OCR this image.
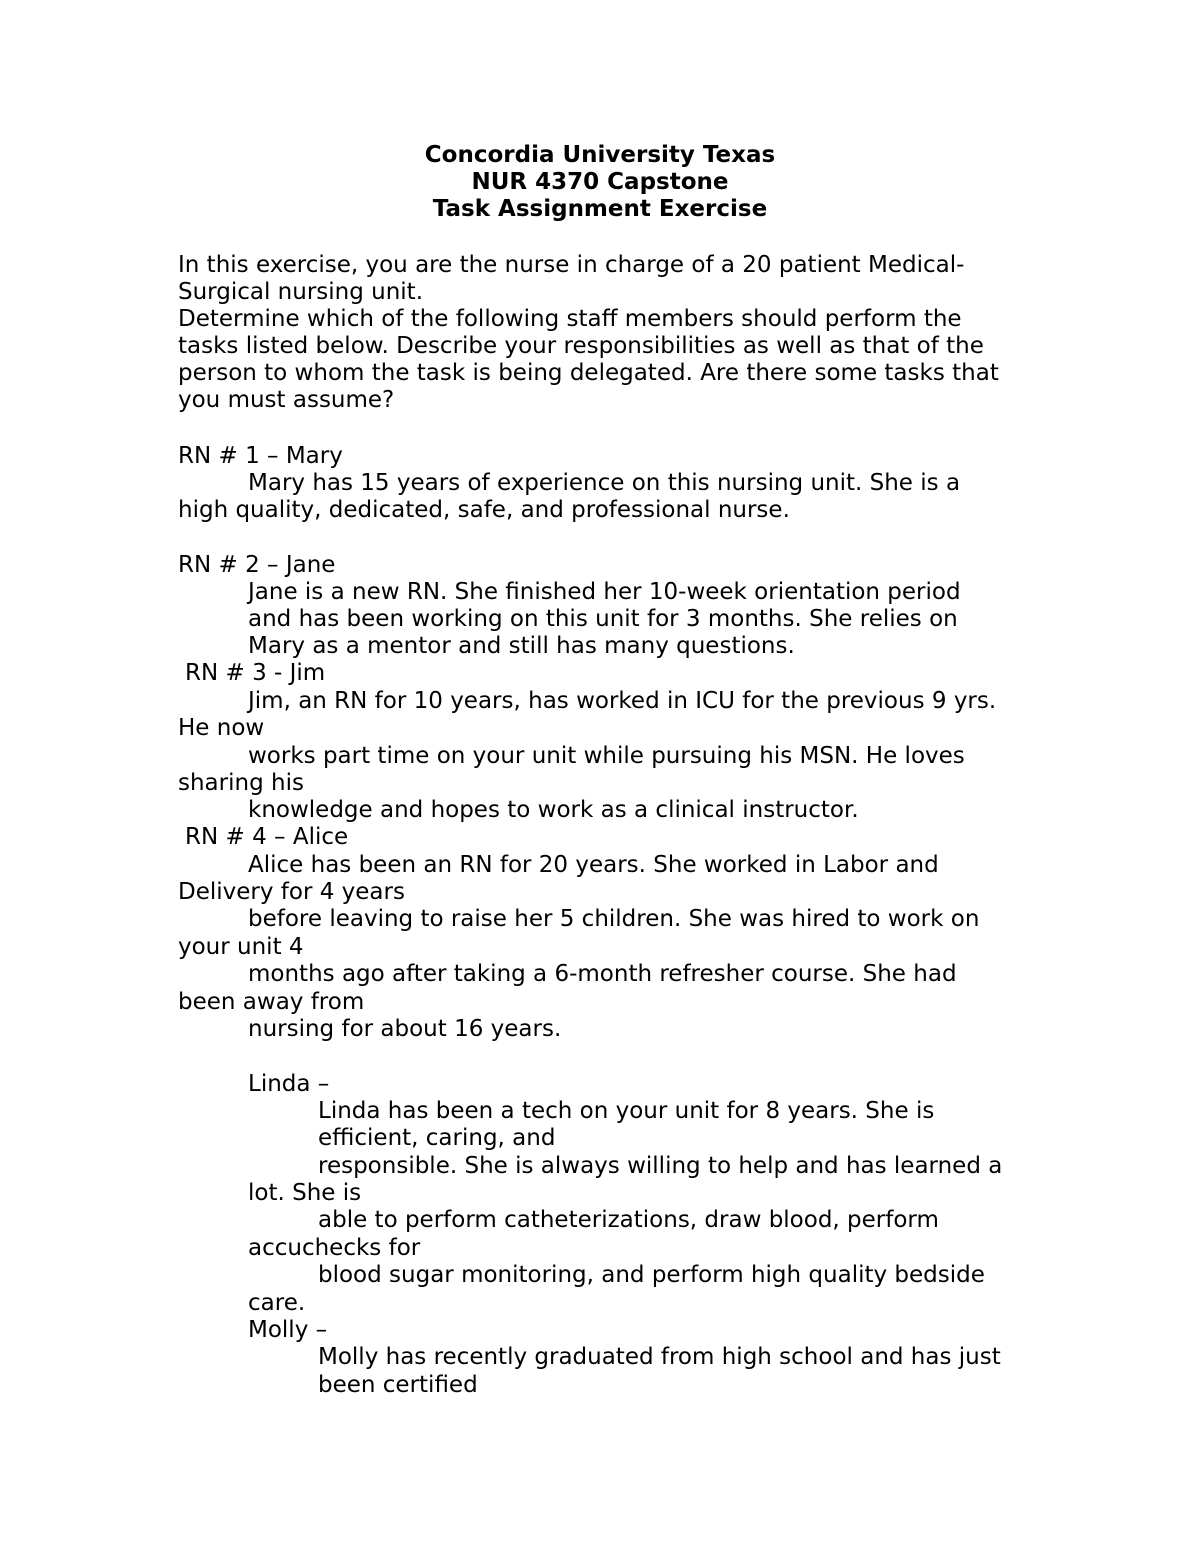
Concordia University Texas

NUR 4370 Capstone

Task Assignment Exercise

In this exercise, you are the nurse in charge of a 20 patient Medical-

Surgical nursing unit.

Determine which of the following staff members should perform the

tasks listed below. Describe your responsibilities as well as that of the

person to whom the task is being delegated. Are there some tasks that

you must assume?

RN # 1 – Mary

Mary has 15 years of experience on this nursing unit. She is a

high quality, dedicated, safe, and professional nurse.

RN # 2 – Jane

Jane is a new RN. She finished her 10-week orientation period

and has been working on this unit for 3 months. She relies on

Mary as a mentor and still has many questions.

RN # 3 - Jim

Jim, an RN for 10 years, has worked in ICU for the previous 9 yrs.

He now

works part time on your unit while pursuing his MSN. He loves

sharing his

knowledge and hopes to work as a clinical instructor.

RN # 4 – Alice

Alice has been an RN for 20 years. She worked in Labor and

Delivery for 4 years

before leaving to raise her 5 children. She was hired to work on

your unit 4

months ago after taking a 6-month refresher course. She had

been away from

nursing for about 16 years.

Linda –

Linda has been a tech on your unit for 8 years. She is

efficient, caring, and

responsible. She is always willing to help and has learned a

lot. She is

able to perform catheterizations, draw blood, perform

accuchecks for

blood sugar monitoring, and perform high quality bedside

care.

Molly –

Molly has recently graduated from high school and has just

been certified
